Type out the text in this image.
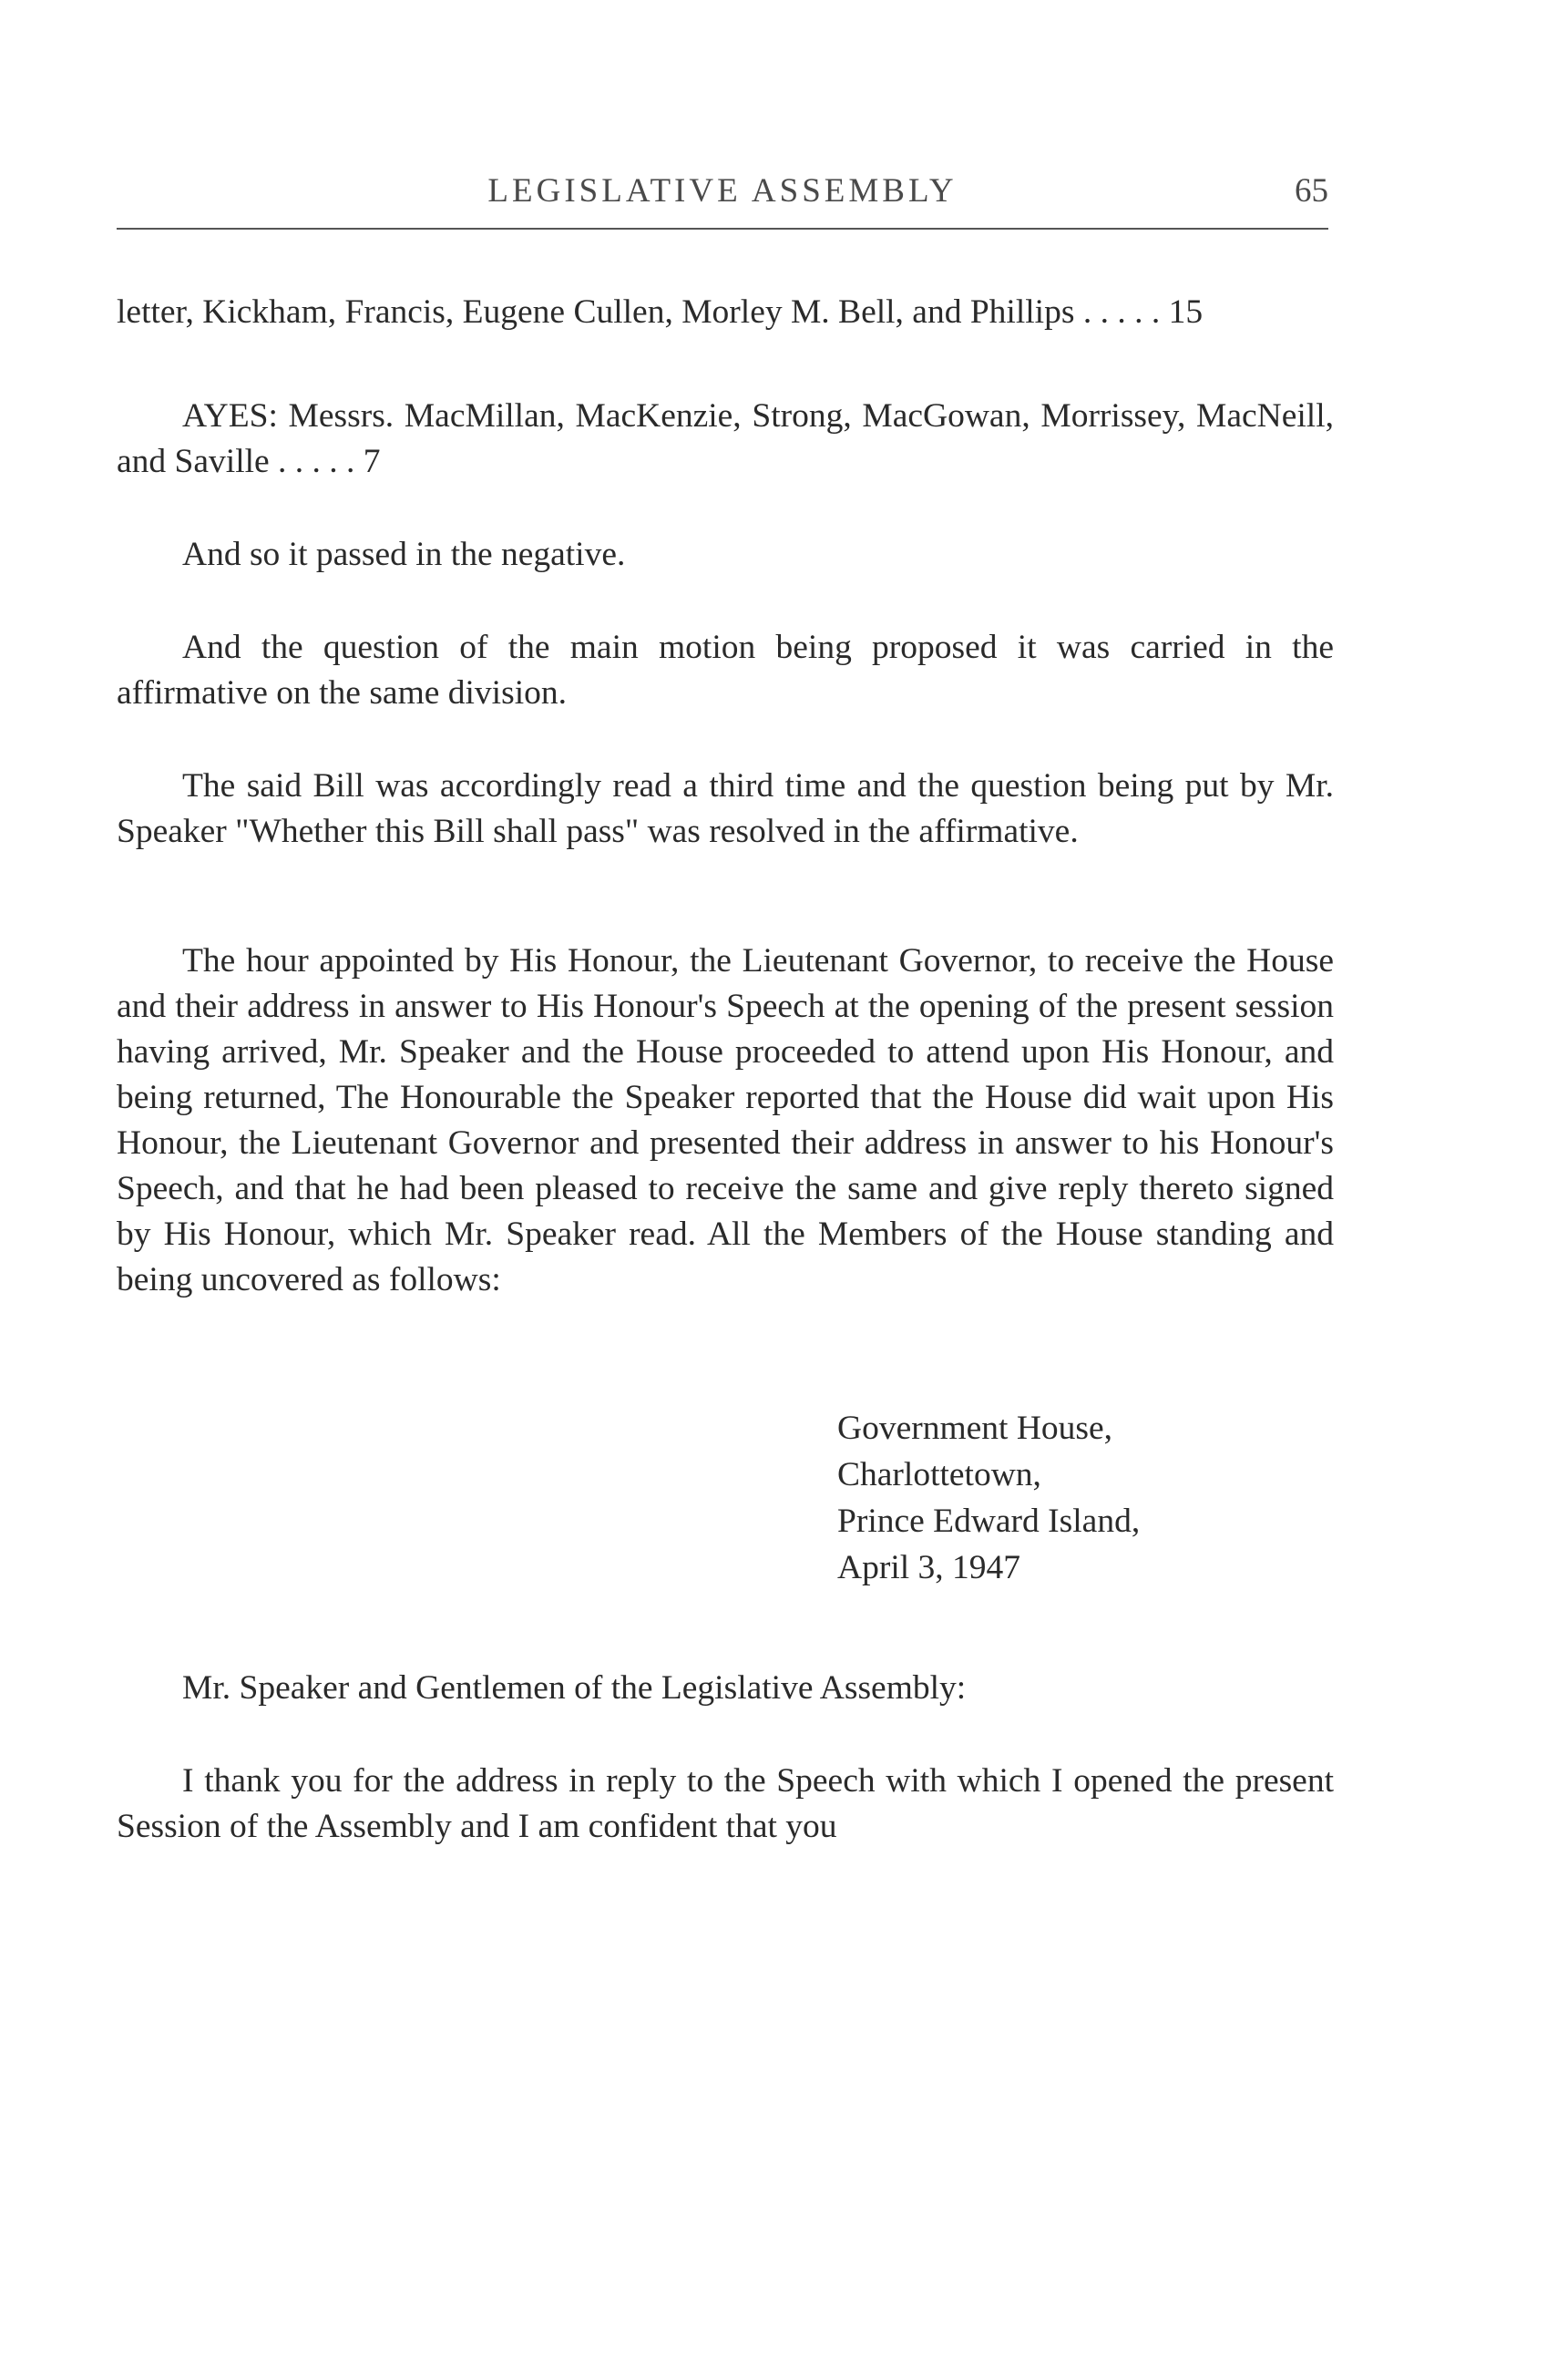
LEGISLATIVE ASSEMBLY	65

letter, Kickham, Francis, Eugene Cullen, Morley M. Bell, and Phillips . . . . . 15

AYES: Messrs. MacMillan, MacKenzie, Strong, MacGowan, Morrissey, MacNeill, and Saville . . . . . 7

And so it passed in the negative.

And the question of the main motion being proposed it was carried in the affirmative on the same division.

The said Bill was accordingly read a third time and the question being put by Mr. Speaker "Whether this Bill shall pass" was resolved in the affirmative.

The hour appointed by His Honour, the Lieutenant Governor, to receive the House and their address in answer to His Honour's Speech at the opening of the present session having arrived, Mr. Speaker and the House proceeded to attend upon His Honour, and being returned, The Honourable the Speaker reported that the House did wait upon His Honour, the Lieutenant Governor and presented their address in answer to his Honour's Speech, and that he had been pleased to receive the same and give reply thereto signed by His Honour, which Mr. Speaker read. All the Members of the House standing and being uncovered as follows:

Government House,
Charlottetown,
Prince Edward Island,
April 3, 1947

Mr. Speaker and Gentlemen of the Legislative Assembly:

I thank you for the address in reply to the Speech with which I opened the present Session of the Assembly and I am confident that you
